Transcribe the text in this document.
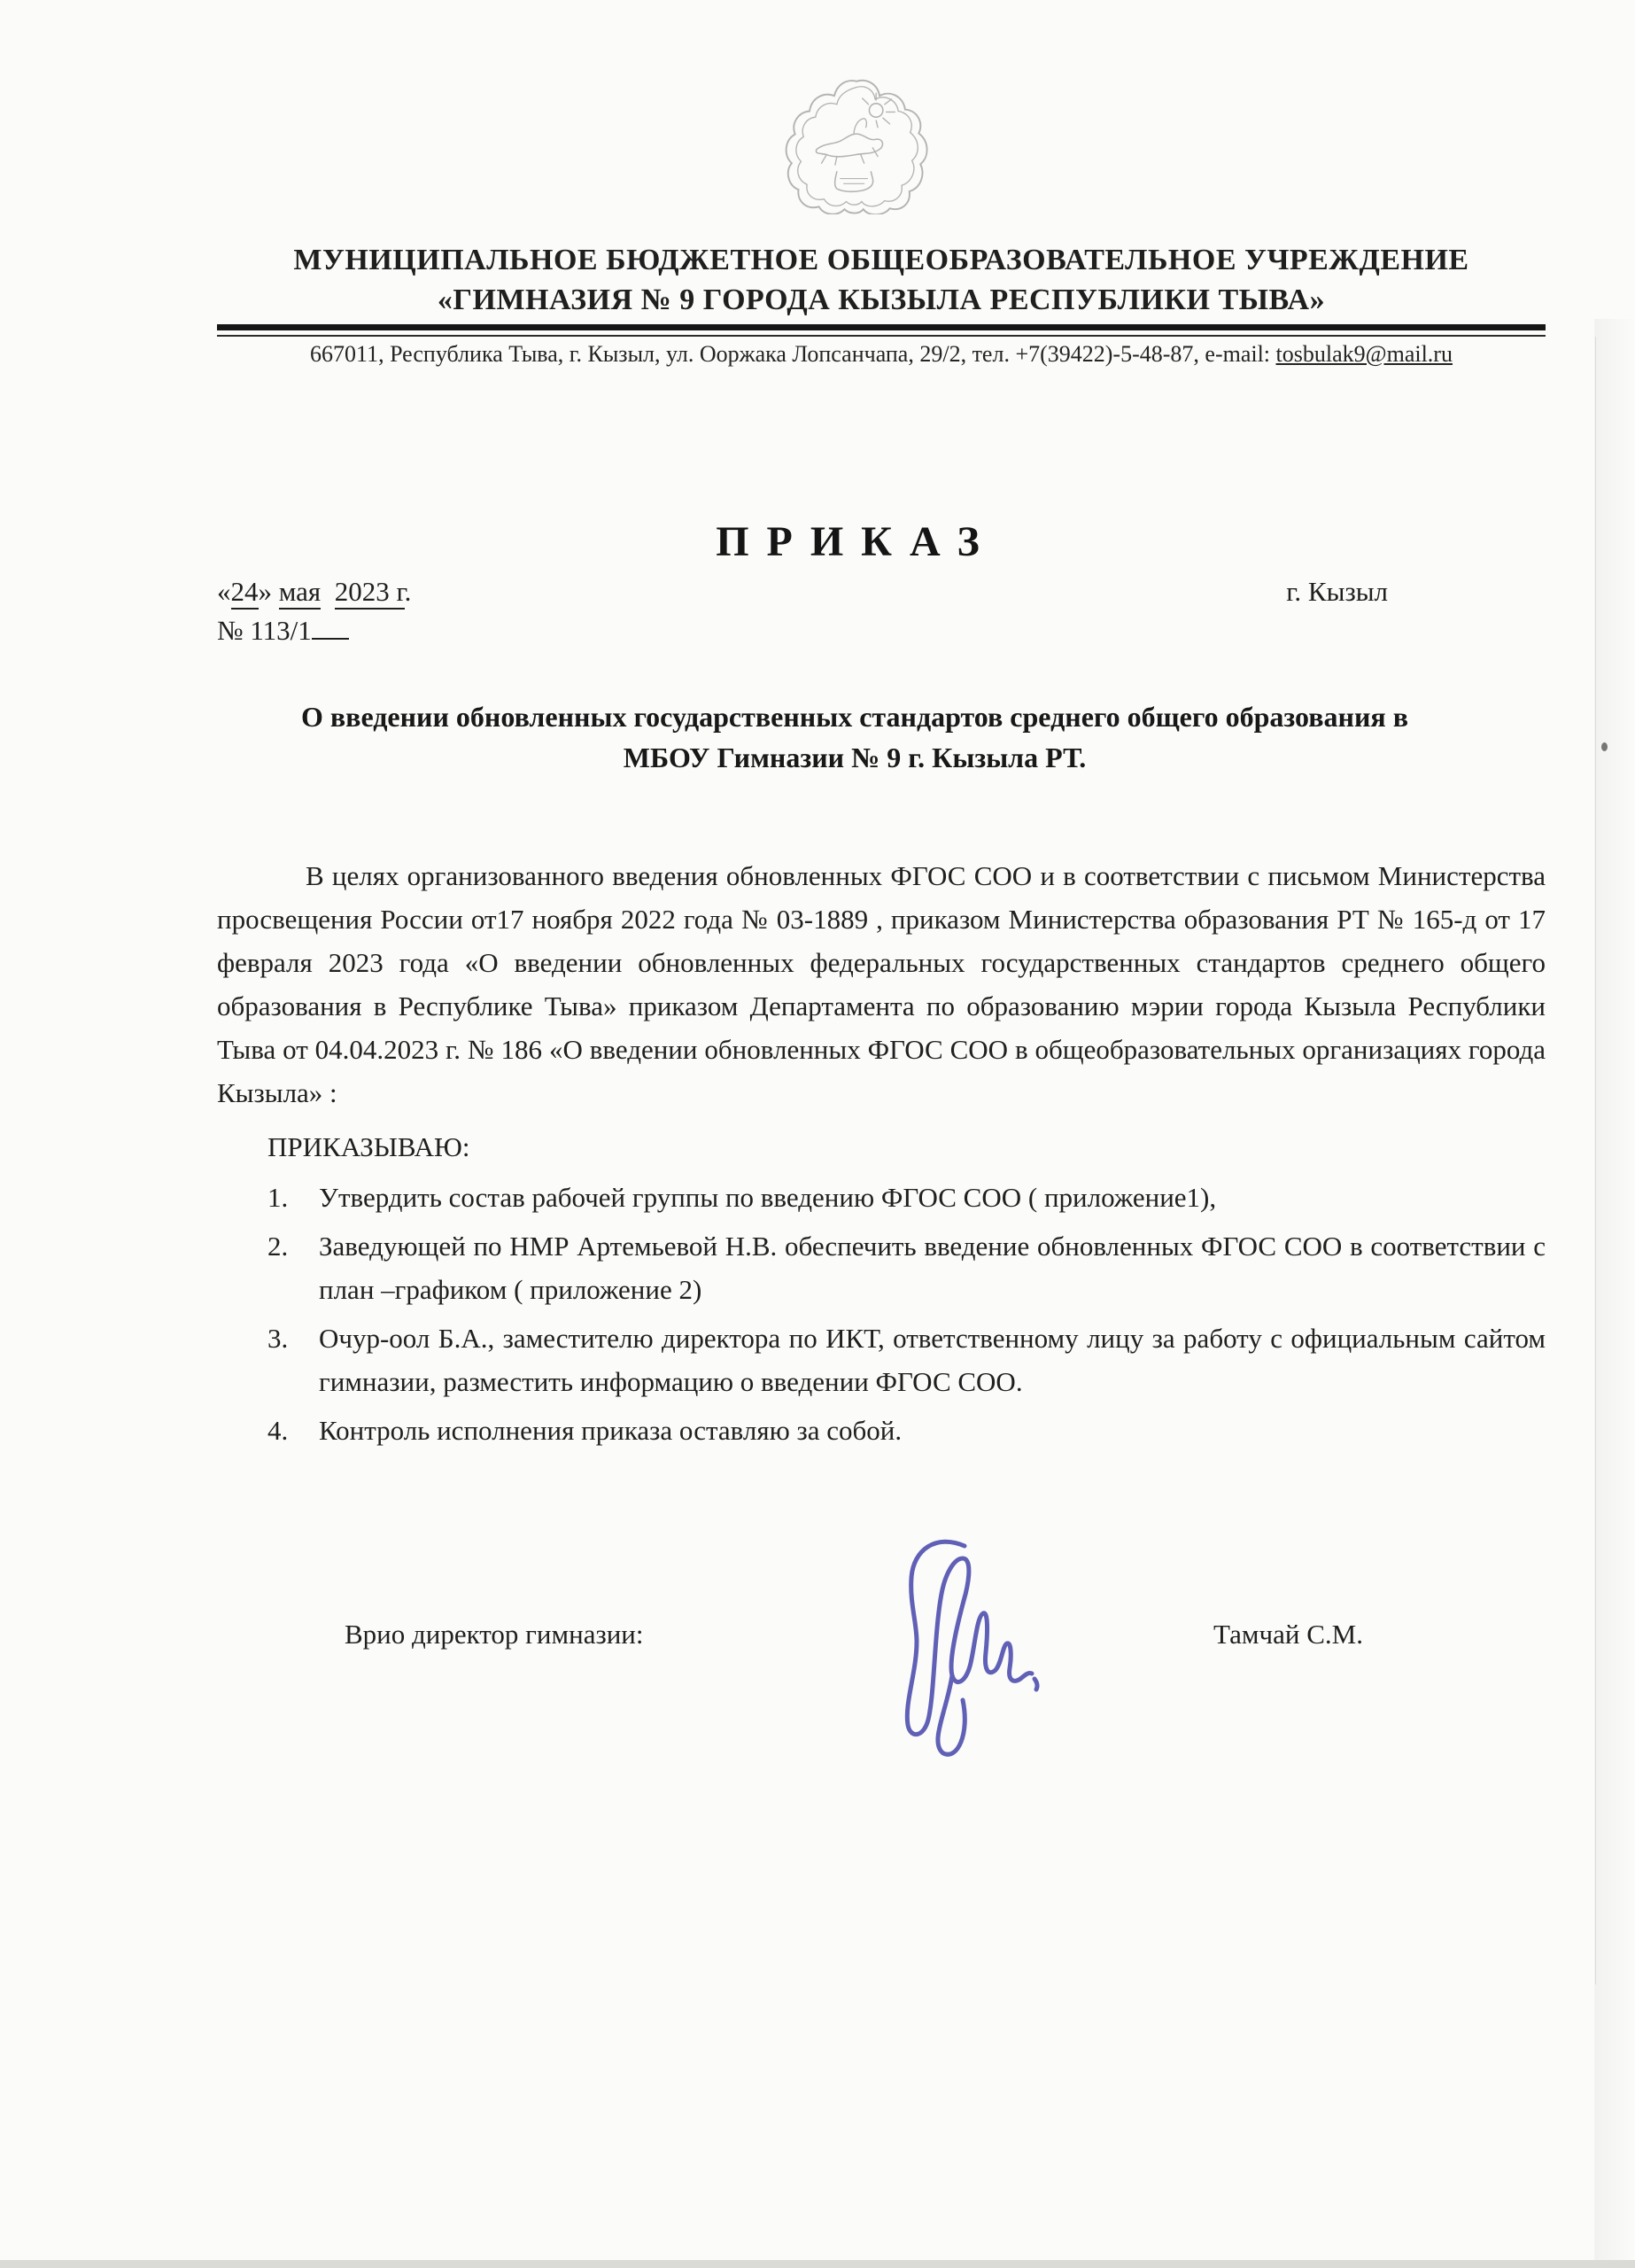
МУНИЦИПАЛЬНОЕ БЮДЖЕТНОЕ ОБЩЕОБРАЗОВАТЕЛЬНОЕ УЧРЕЖДЕНИЕ
«ГИМНАЗИЯ № 9 ГОРОДА КЫЗЫЛА РЕСПУБЛИКИ ТЫВА»
667011, Республика Тыва, г. Кызыл, ул. Ооржака Лопсанчапа, 29/2, тел. +7(39422)-5-48-87, e-mail: tosbulak9@mail.ru
ПРИКАЗ
«24» мая 2023 г.	г. Кызыл
№ 113/1
О введении обновленных государственных стандартов среднего общего образования в
МБОУ Гимназии № 9 г. Кызыла РТ.
В целях организованного введения обновленных ФГОС СОО и в соответствии с письмом Министерства просвещения России от17 ноября 2022 года № 03-1889 , приказом Министерства образования РТ № 165-д от 17 февраля 2023 года «О введении обновленных федеральных государственных стандартов среднего общего образования в Республике Тыва» приказом Департамента по образованию мэрии города Кызыла Республики Тыва от 04.04.2023 г. № 186 «О введении обновленных ФГОС СОО в общеобразовательных организациях города Кызыла» :
ПРИКАЗЫВАЮ:
1. Утвердить состав рабочей группы по введению ФГОС СОО ( приложение1),
2. Заведующей по НМР Артемьевой Н.В. обеспечить введение обновленных ФГОС СОО в соответствии с план –графиком ( приложение 2)
3. Очур-оол Б.А., заместителю директора по ИКТ, ответственному лицу за работу с официальным сайтом гимназии, разместить информацию о введении ФГОС СОО.
4. Контроль исполнения приказа оставляю за собой.
Врио директор гимназии:	Тамчай С.М.
